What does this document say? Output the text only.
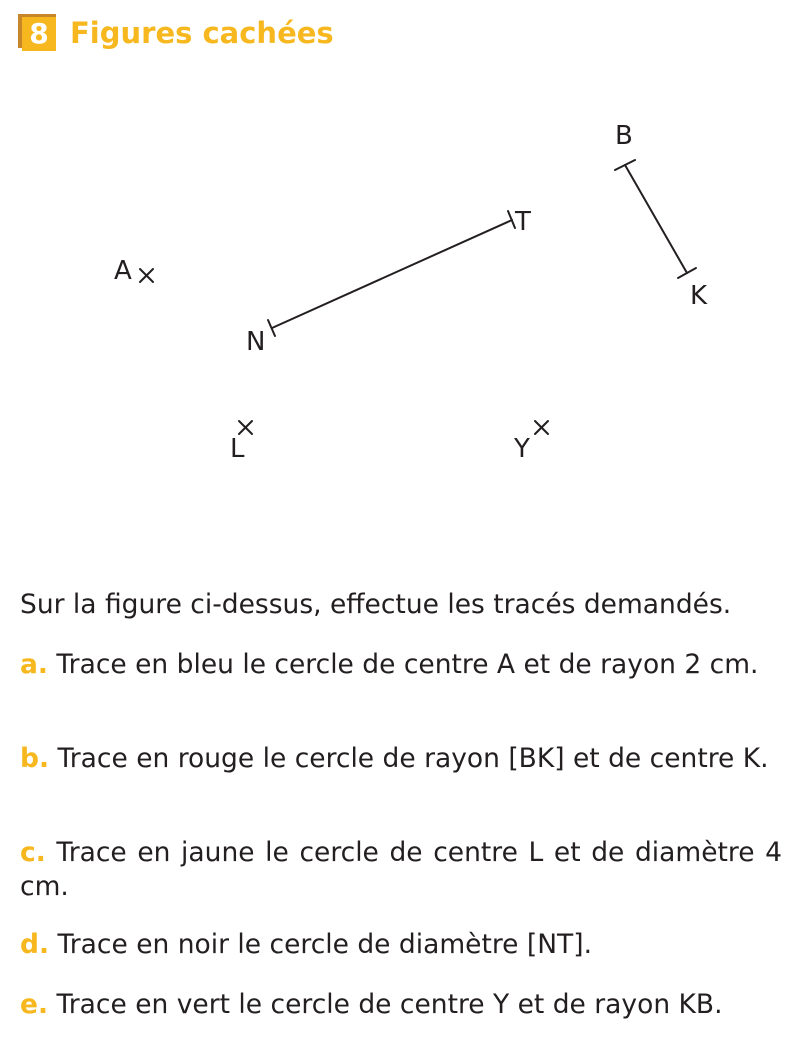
8 Figures cachées
B
K
T
N
A
L	Y

Sur la figure ci-dessus, effectue les tracés demandés.

a. Trace en bleu le cercle de centre A et de rayon 2 cm.

b. Trace en rouge le cercle de rayon [BK] et de centre K.

c. Trace en jaune le cercle de centre L et de diamètre 4 cm.

d. Trace en noir le cercle de diamètre [NT].

e. Trace en vert le cercle de centre Y et de rayon KB.
